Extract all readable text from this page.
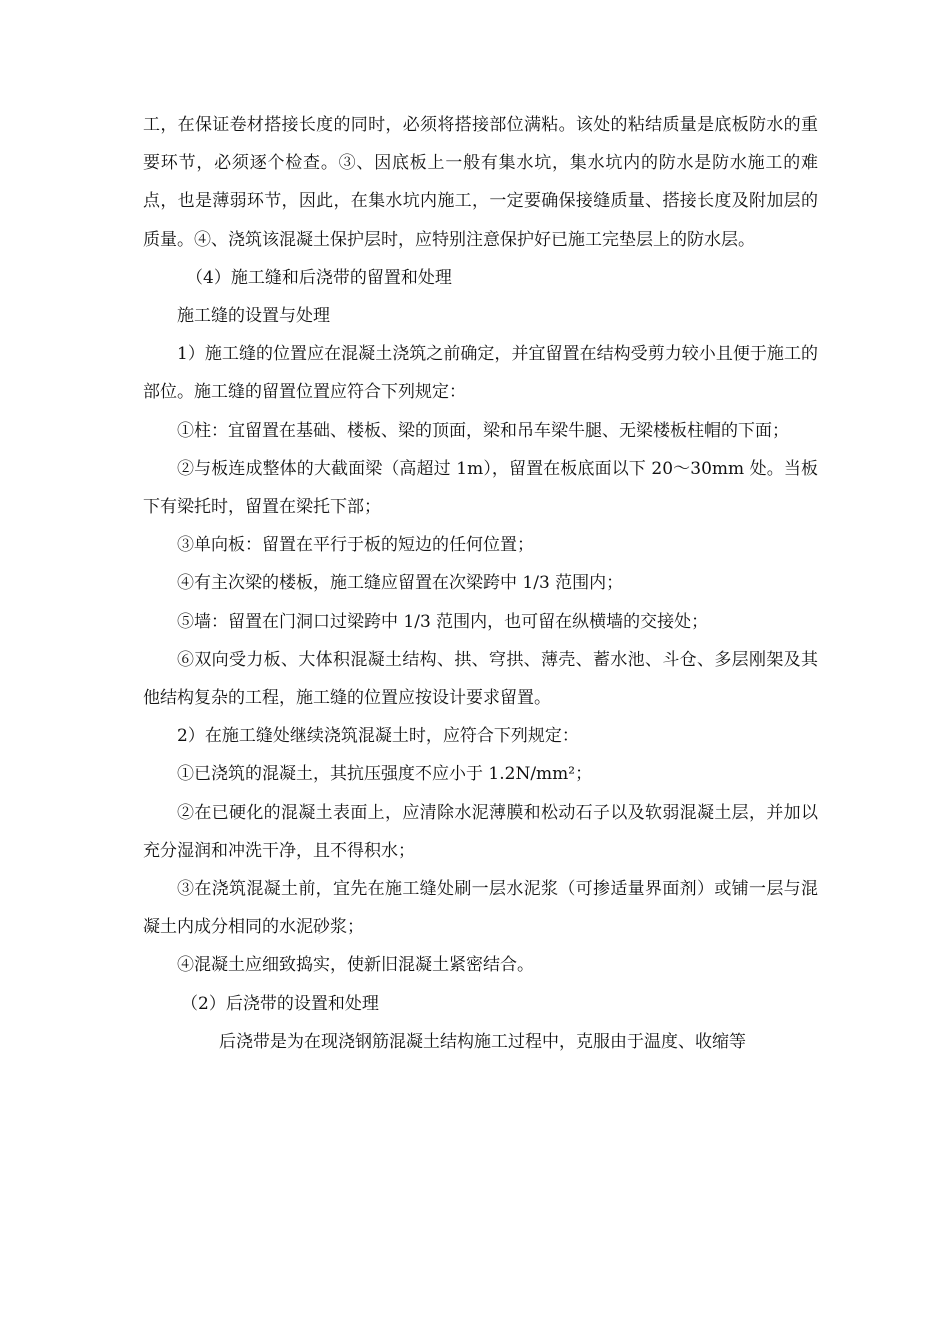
工，在保证卷材搭接长度的同时，必须将搭接部位满粘。该处的粘结质量是底板防水的重要环节，必须逐个检查。③、因底板上一般有集水坑，集水坑内的防水是防水施工的难点，也是薄弱环节，因此，在集水坑内施工，一定要确保接缝质量、搭接长度及附加层的质量。④、浇筑该混凝土保护层时，应特别注意保护好已施工完垫层上的防水层。

（4）施工缝和后浇带的留置和处理

施工缝的设置与处理

1）施工缝的位置应在混凝土浇筑之前确定，并宜留置在结构受剪力较小且便于施工的部位。施工缝的留置位置应符合下列规定：

①柱：宜留置在基础、楼板、梁的顶面，梁和吊车梁牛腿、无梁楼板柱帽的下面；

②与板连成整体的大截面梁（高超过 1m），留置在板底面以下 20～30mm 处。当板下有梁托时，留置在梁托下部；

③单向板：留置在平行于板的短边的任何位置；

④有主次梁的楼板，施工缝应留置在次梁跨中 1/3 范围内；

⑤墙：留置在门洞口过梁跨中 1/3 范围内，也可留在纵横墙的交接处；

⑥双向受力板、大体积混凝土结构、拱、穹拱、薄壳、蓄水池、斗仓、多层刚架及其他结构复杂的工程，施工缝的位置应按设计要求留置。

2）在施工缝处继续浇筑混凝土时，应符合下列规定：

①已浇筑的混凝土，其抗压强度不应小于 1.2N/mm²；

②在已硬化的混凝土表面上，应清除水泥薄膜和松动石子以及软弱混凝土层，并加以充分湿润和冲洗干净，且不得积水；

③在浇筑混凝土前，宜先在施工缝处刷一层水泥浆（可掺适量界面剂）或铺一层与混凝土内成分相同的水泥砂浆；

④混凝土应细致捣实，使新旧混凝土紧密结合。

（2）后浇带的设置和处理

后浇带是为在现浇钢筋混凝土结构施工过程中，克服由于温度、收缩等
